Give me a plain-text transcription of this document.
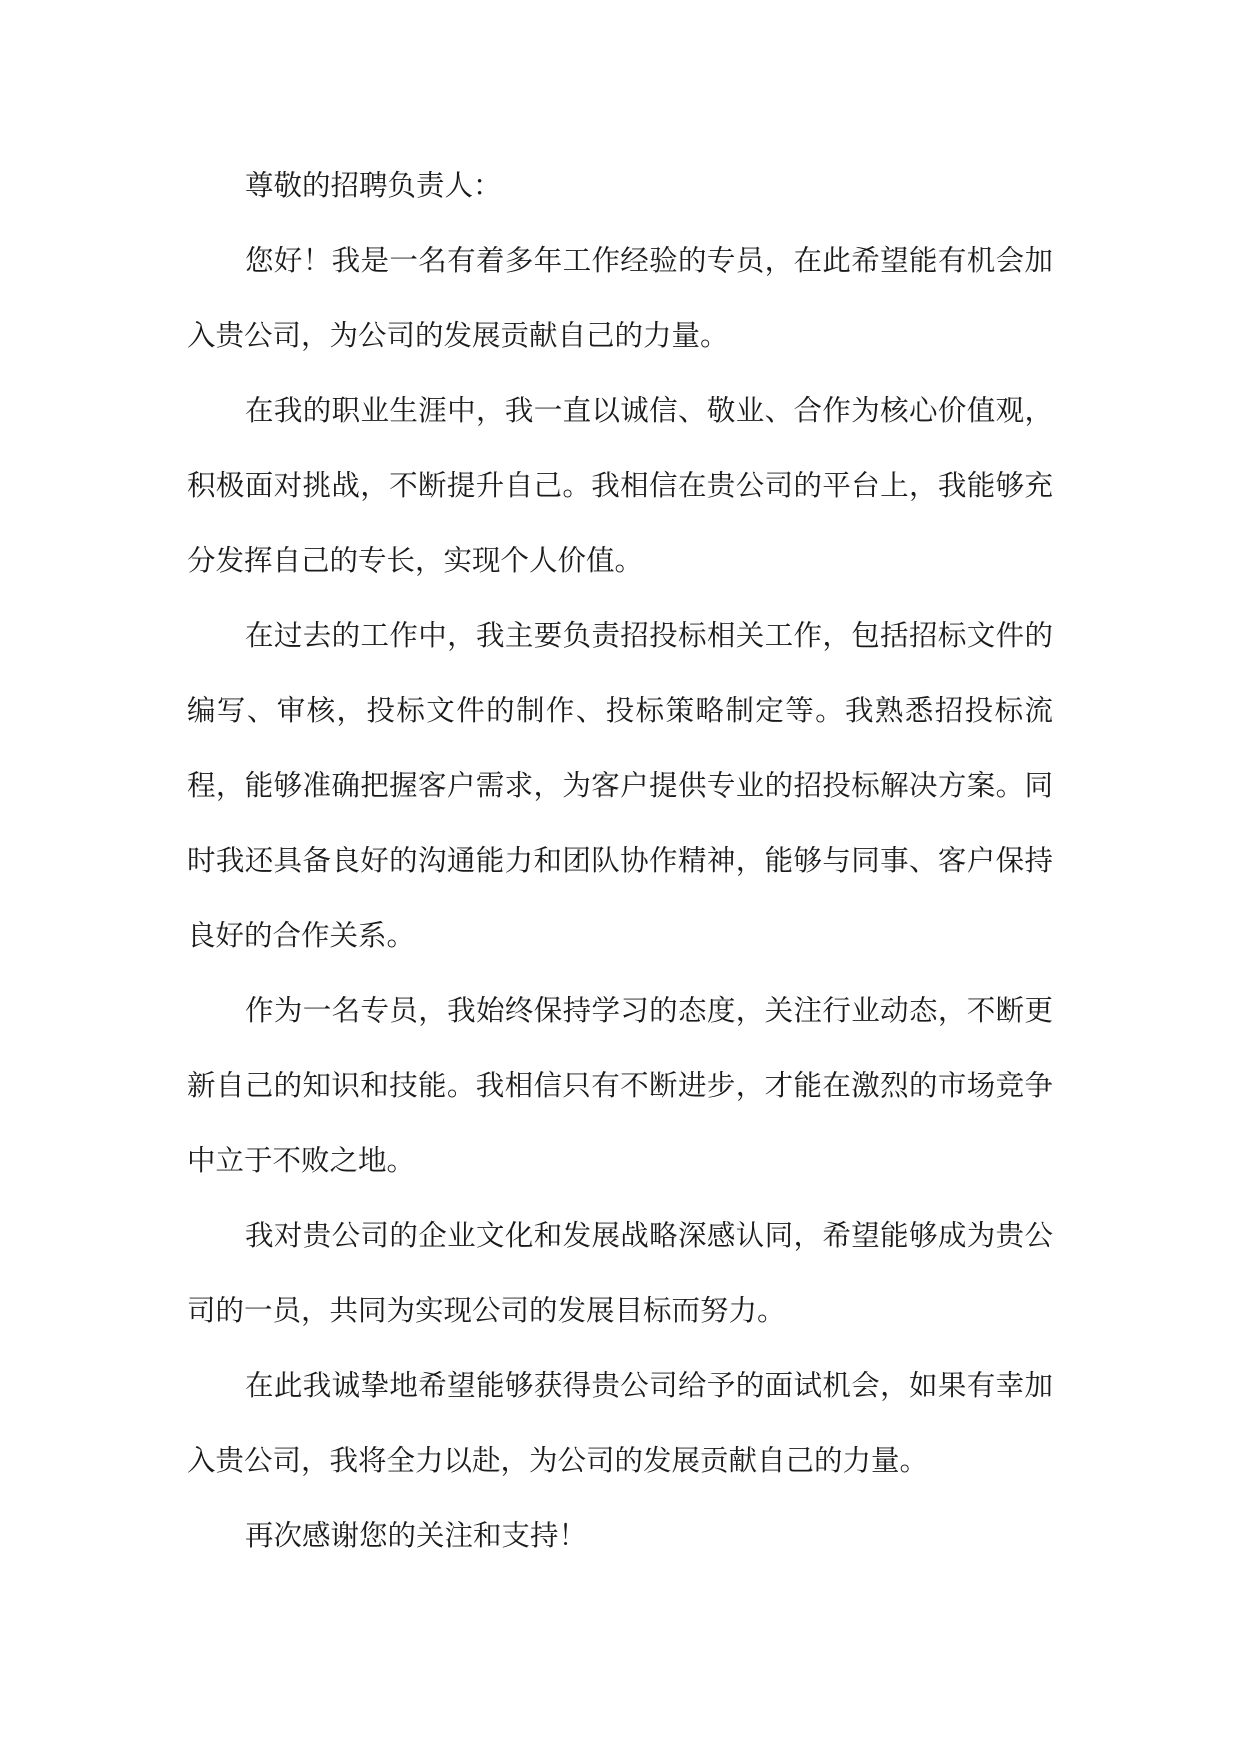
尊敬的招聘负责人：

您好！我是一名有着多年工作经验的专员，在此希望能有机会加入贵公司，为公司的发展贡献自己的力量。

在我的职业生涯中，我一直以诚信、敬业、合作为核心价值观，积极面对挑战，不断提升自己。我相信在贵公司的平台上，我能够充分发挥自己的专长，实现个人价值。

在过去的工作中，我主要负责招投标相关工作，包括招标文件的编写、审核，投标文件的制作、投标策略制定等。我熟悉招投标流程，能够准确把握客户需求，为客户提供专业的招投标解决方案。同时我还具备良好的沟通能力和团队协作精神，能够与同事、客户保持良好的合作关系。

作为一名专员，我始终保持学习的态度，关注行业动态，不断更新自己的知识和技能。我相信只有不断进步，才能在激烈的市场竞争中立于不败之地。

我对贵公司的企业文化和发展战略深感认同，希望能够成为贵公司的一员，共同为实现公司的发展目标而努力。

在此我诚挚地希望能够获得贵公司给予的面试机会，如果有幸加入贵公司，我将全力以赴，为公司的发展贡献自己的力量。

再次感谢您的关注和支持！
